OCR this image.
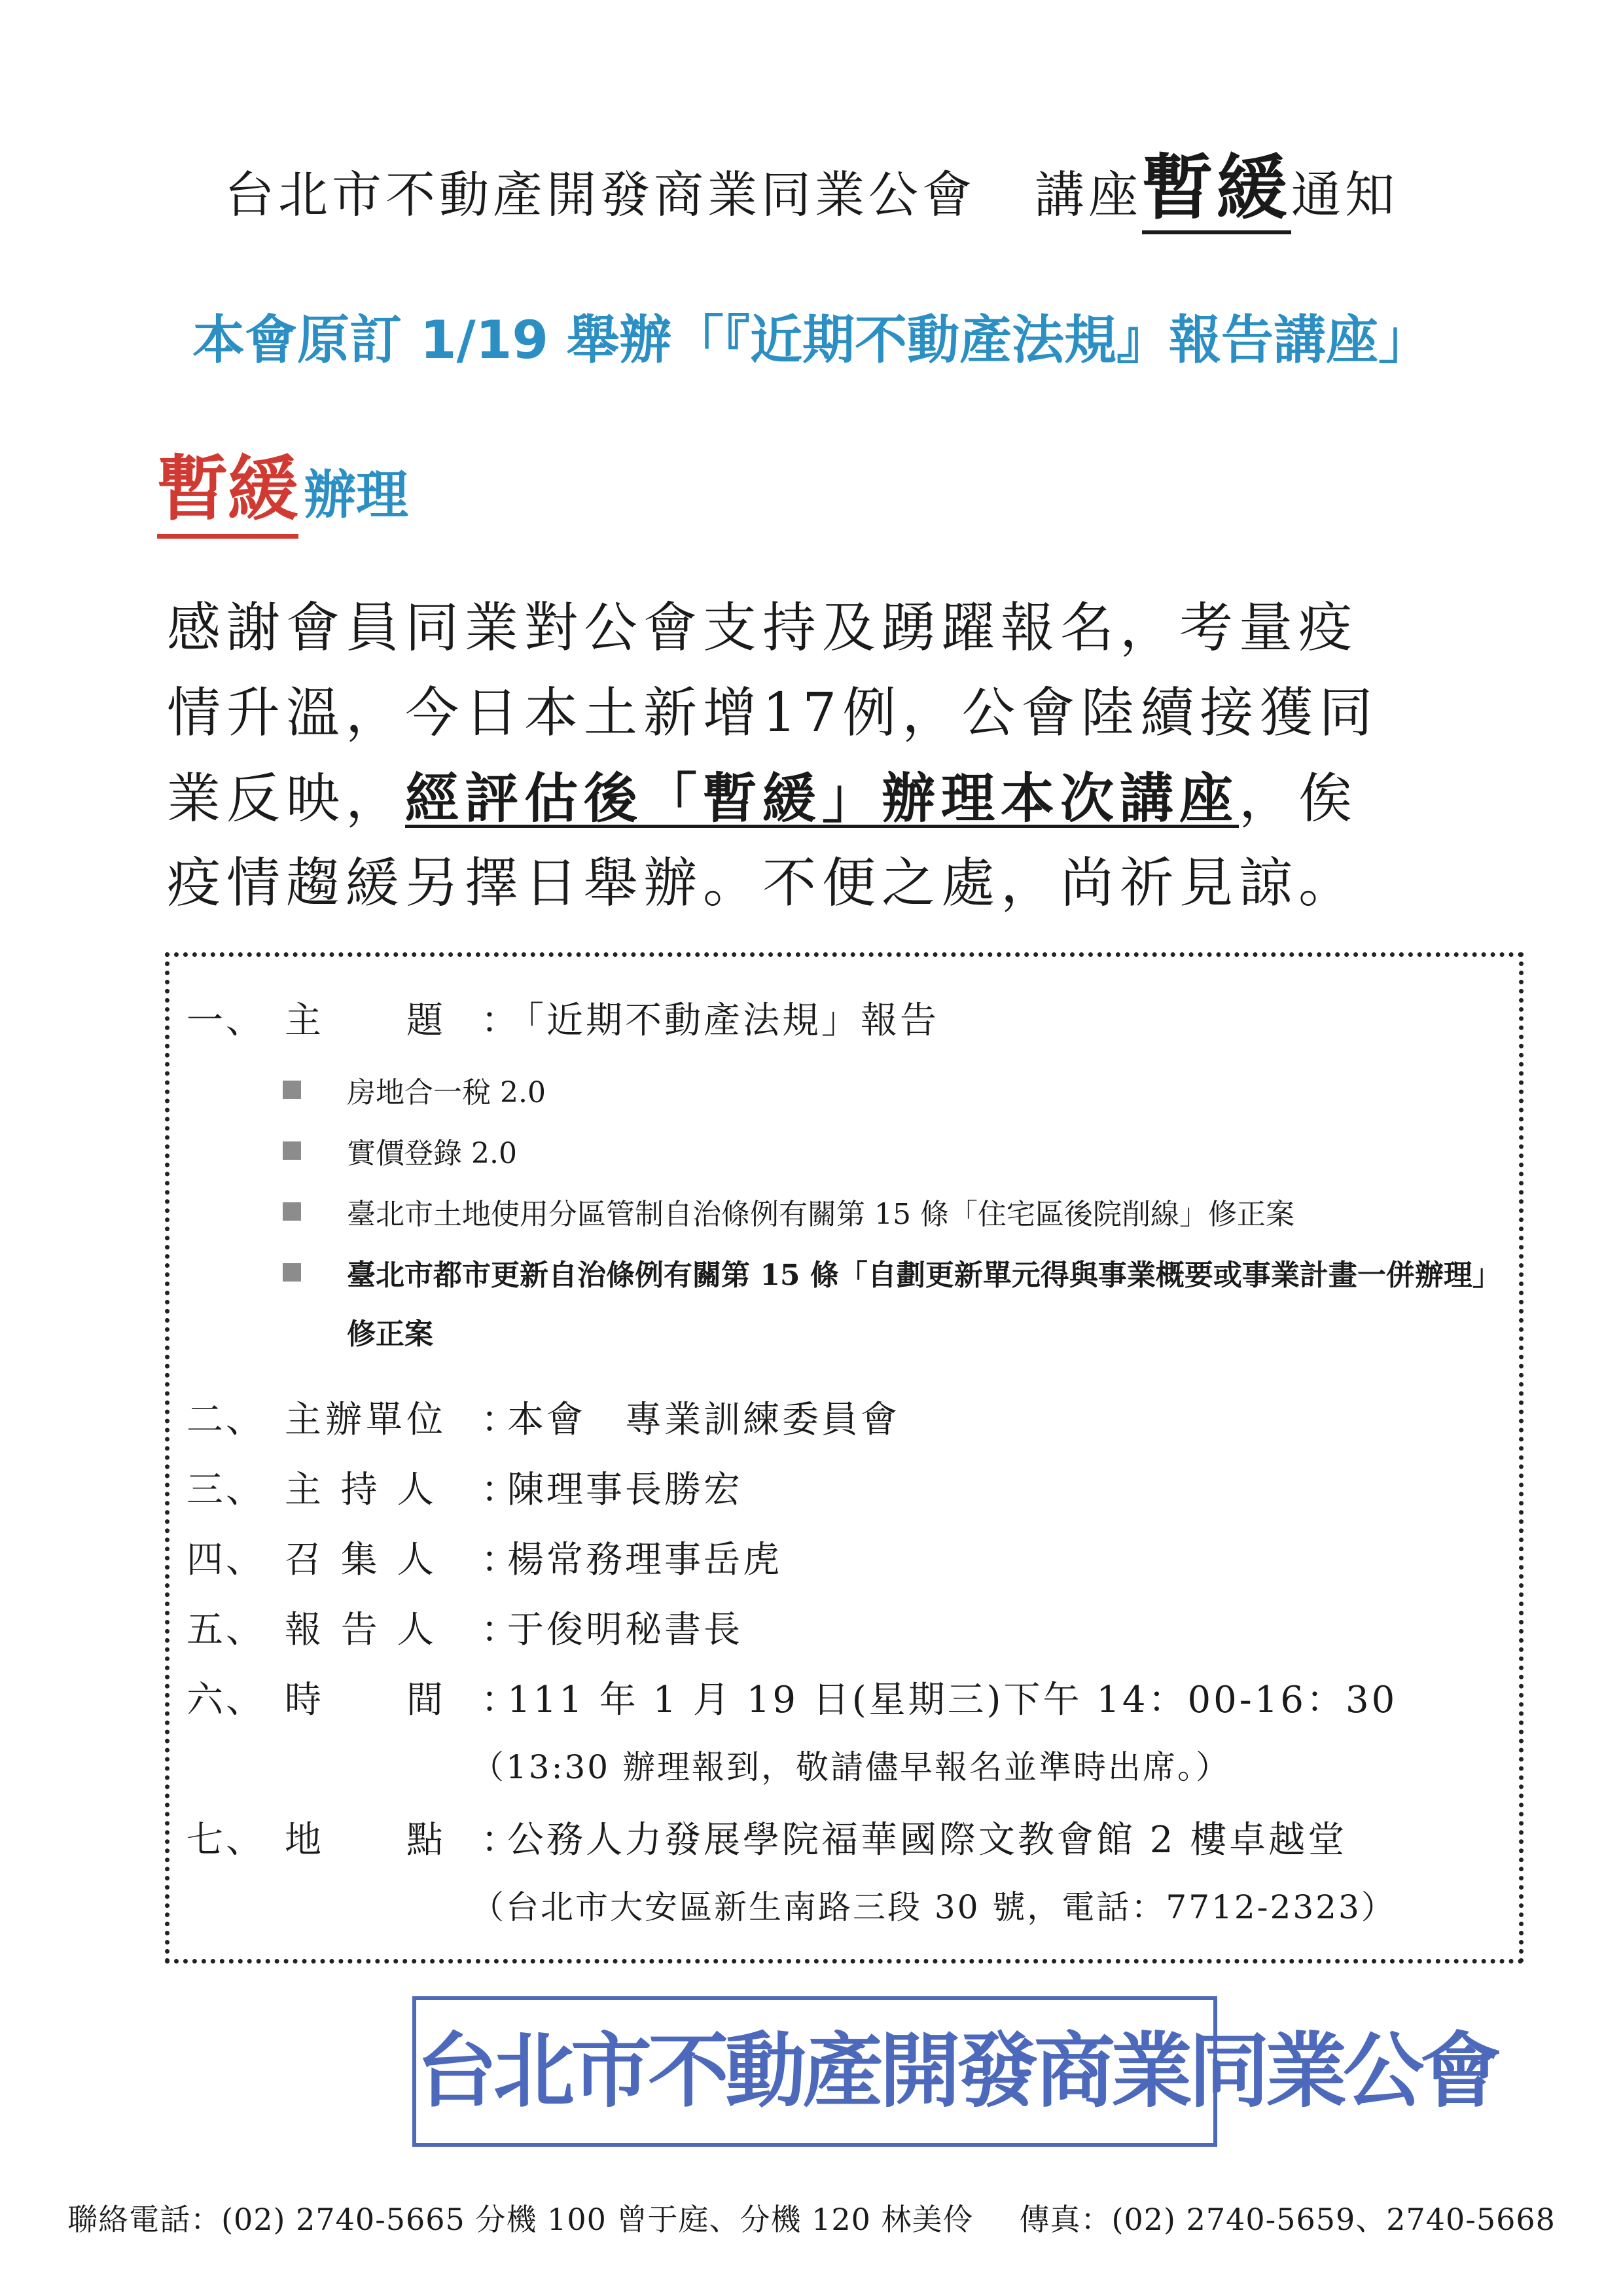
台北市不動產開發商業同業公會 講座暫緩通知
本會原訂 1/19 舉辦「『近期不動產法規』報告講座」
暫緩 辦理
感謝會員同業對公會支持及踴躍報名，考量疫
情升溫，今日本土新增17例，公會陸續接獲同
業反映，經評估後「暫緩」辦理本次講座，俟
疫情趨緩另擇日舉辦。不便之處，尚祈見諒。
一、 主　　題 ：「近期不動產法規」報告
房地合一稅 2.0
實價登錄 2.0
臺北市土地使用分區管制自治條例有關第 15 條「住宅區後院削線」修正案
臺北市都市更新自治條例有關第 15 條「自劃更新單元得與事業概要或事業計畫一併辦理」修正案
二、 主辦單位 ：本會　專業訓練委員會
三、 主 持 人 ：陳理事長勝宏
四、 召 集 人 ：楊常務理事岳虎
五、 報 告 人 ：于俊明秘書長
六、 時　　間 ：111 年 1 月 19 日(星期三)下午 14：00-16：30
（13:30 辦理報到，敬請儘早報名並準時出席。）
七、 地　　點 ：公務人力發展學院福華國際文教會館 2 樓卓越堂
（台北市大安區新生南路三段 30 號，電話：7712-2323）
台北市不動產開發商業同業公會
聯絡電話：(02) 2740-5665 分機 100 曾于庭、分機 120 林美伶 傳真：(02) 2740-5659、2740-5668
